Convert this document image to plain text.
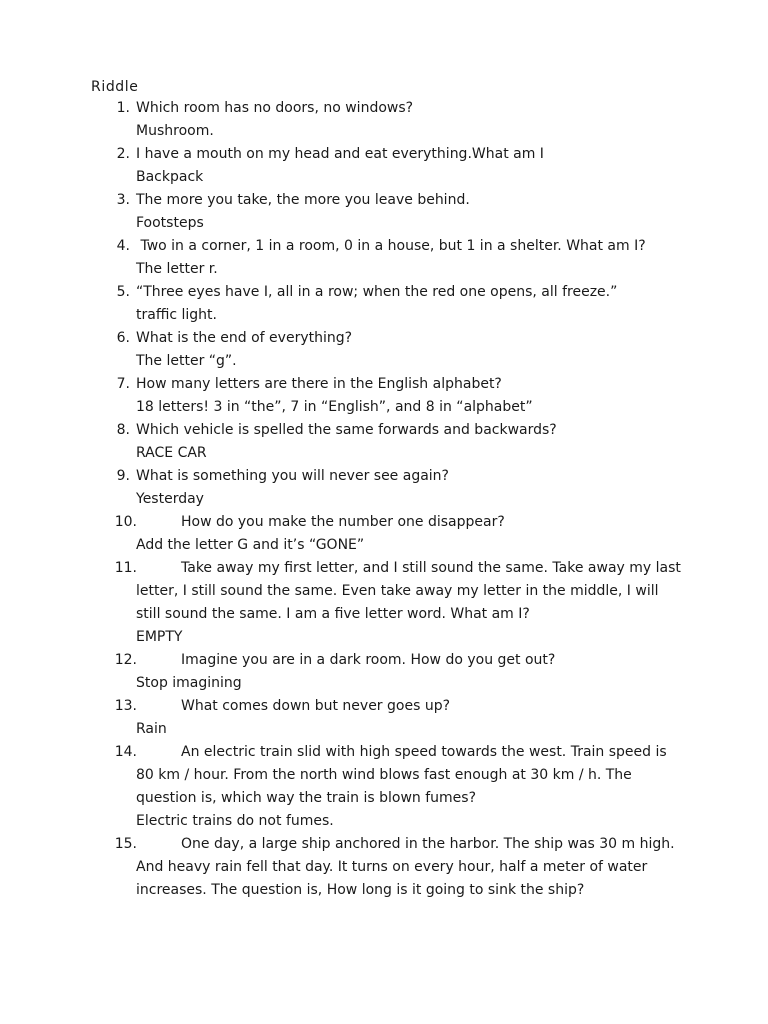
Riddle
1. Which room has no doors, no windows?
Mushroom.
2. I have a mouth on my head and eat everything.What am I
Backpack
3. The more you take, the more you leave behind.
Footsteps
4. Two in a corner, 1 in a room, 0 in a house, but 1 in a shelter. What am I?
The letter r.
5. “Three eyes have I, all in a row; when the red one opens, all freeze.”
traffic light.
6. What is the end of everything?
The letter “g”.
7. How many letters are there in the English alphabet?
18 letters! 3 in “the”, 7 in “English”, and 8 in “alphabet”
8. Which vehicle is spelled the same forwards and backwards?
RACE CAR
9. What is something you will never see again?
Yesterday
10.	How do you make the number one disappear?
Add the letter G and it’s “GONE”
11.	Take away my first letter, and I still sound the same. Take away my last letter, I still sound the same. Even take away my letter in the middle, I will still sound the same. I am a five letter word. What am I?
EMPTY
12.	Imagine you are in a dark room. How do you get out?
Stop imagining
13.	What comes down but never goes up?
Rain
14.	An electric train slid with high speed towards the west. Train speed is 80 km / hour. From the north wind blows fast enough at 30 km / h. The question is, which way the train is blown fumes?
Electric trains do not fumes.
15.	One day, a large ship anchored in the harbor. The ship was 30 m high. And heavy rain fell that day. It turns on every hour, half a meter of water increases. The question is, How long is it going to sink the ship?
